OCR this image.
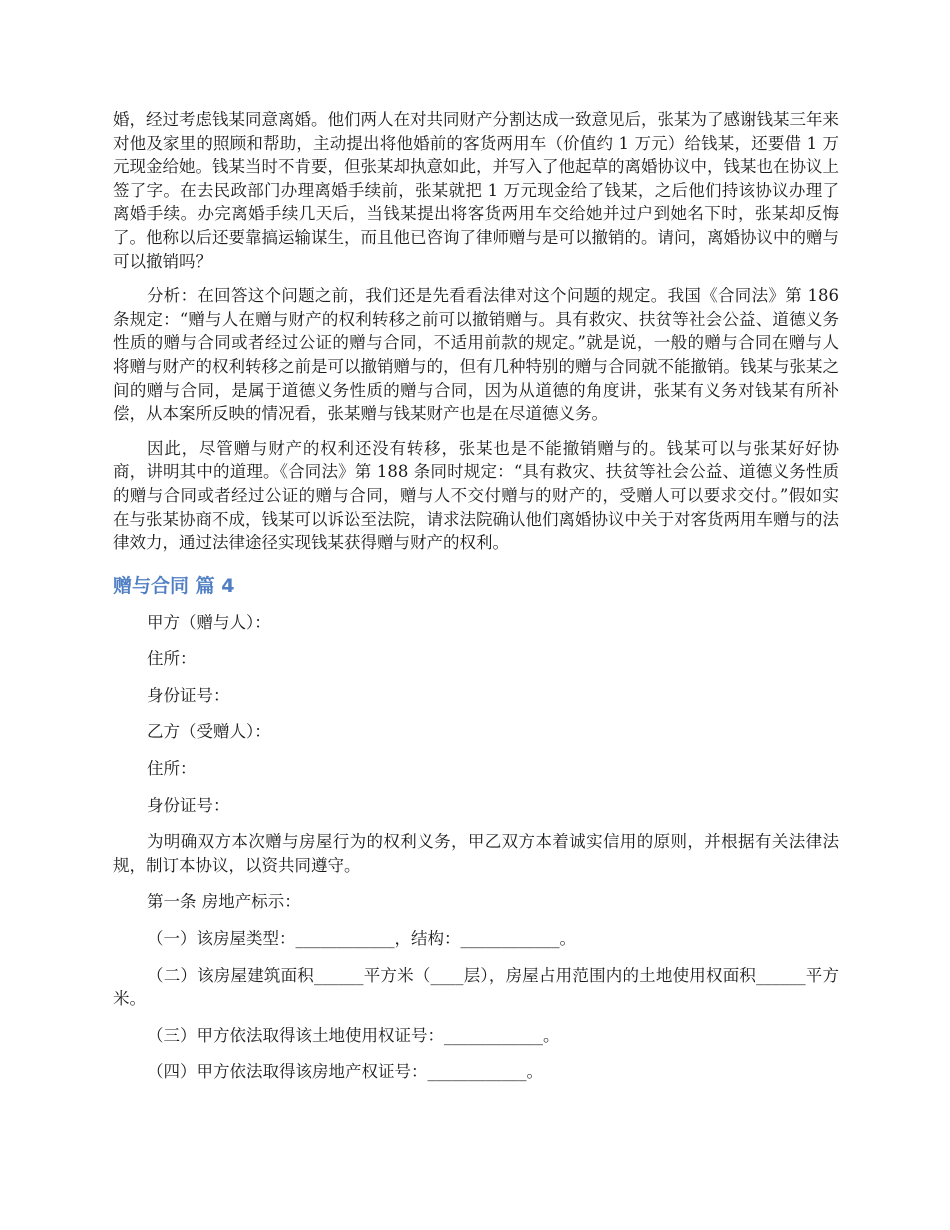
婚，经过考虑钱某同意离婚。他们两人在对共同财产分割达成一致意见后，张某为了感谢钱某三年来对他及家里的照顾和帮助，主动提出将他婚前的客货两用车（价值约 1 万元）给钱某，还要借 1 万元现金给她。钱某当时不肯要，但张某却执意如此，并写入了他起草的离婚协议中，钱某也在协议上签了字。在去民政部门办理离婚手续前，张某就把 1 万元现金给了钱某，之后他们持该协议办理了离婚手续。办完离婚手续几天后，当钱某提出将客货两用车交给她并过户到她名下时，张某却反悔了。他称以后还要靠搞运输谋生，而且他已咨询了律师赠与是可以撤销的。请问，离婚协议中的赠与可以撤销吗？

分析：在回答这个问题之前，我们还是先看看法律对这个问题的规定。我国《合同法》第 186 条规定：“赠与人在赠与财产的权利转移之前可以撤销赠与。具有救灾、扶贫等社会公益、道德义务性质的赠与合同或者经过公证的赠与合同，不适用前款的规定。”就是说，一般的赠与合同在赠与人将赠与财产的权利转移之前是可以撤销赠与的，但有几种特别的赠与合同就不能撤销。钱某与张某之间的赠与合同，是属于道德义务性质的赠与合同，因为从道德的角度讲，张某有义务对钱某有所补偿，从本案所反映的情况看，张某赠与钱某财产也是在尽道德义务。

因此，尽管赠与财产的权利还没有转移，张某也是不能撤销赠与的。钱某可以与张某好好协商，讲明其中的道理。《合同法》第 188 条同时规定：“具有救灾、扶贫等社会公益、道德义务性质的赠与合同或者经过公证的赠与合同，赠与人不交付赠与的财产的，受赠人可以要求交付。”假如实在与张某协商不成，钱某可以诉讼至法院，请求法院确认他们离婚协议中关于对客货两用车赠与的法律效力，通过法律途径实现钱某获得赠与财产的权利。

赠与合同 篇 4

甲方（赠与人）：

住所：

身份证号：

乙方（受赠人）：

住所：

身份证号：

为明确双方本次赠与房屋行为的权利义务，甲乙双方本着诚实信用的原则，并根据有关法律法规，制订本协议，以资共同遵守。

第一条 房地产标示：

（一）该房屋类型：____________，结构：____________。

（二）该房屋建筑面积______平方米（____层），房屋占用范围内的土地使用权面积______平方米。

（三）甲方依法取得该土地使用权证号：____________。

（四）甲方依法取得该房地产权证号：____________。
